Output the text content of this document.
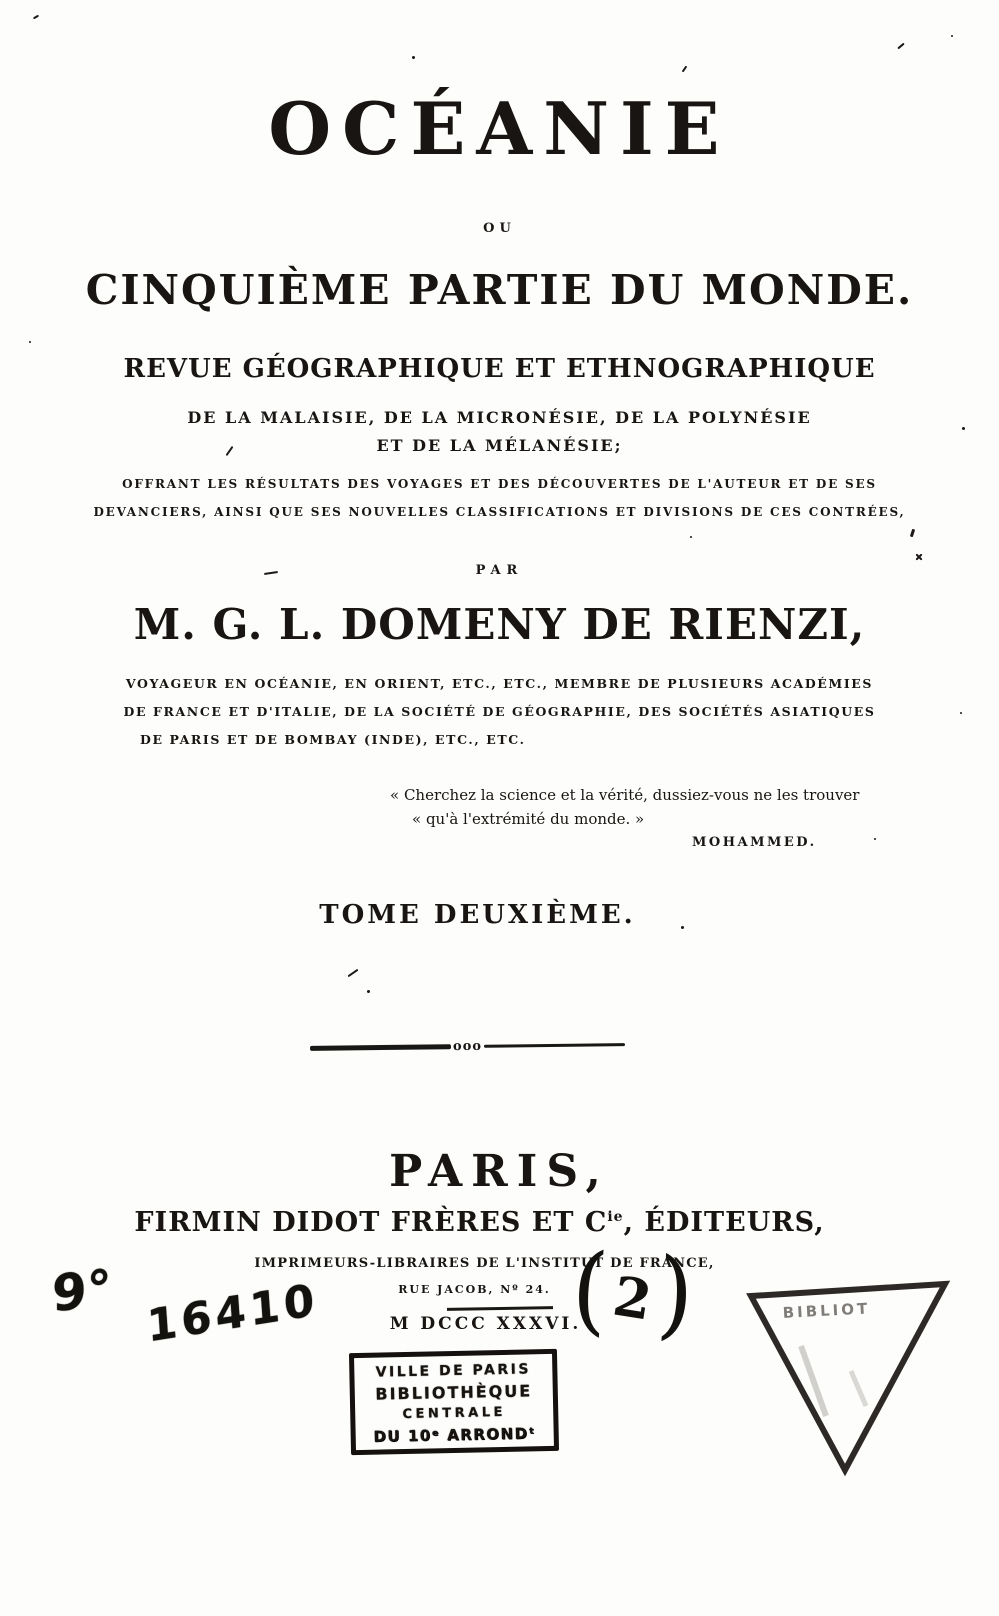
OCÉANIE
OU
CINQUIÈME PARTIE DU MONDE.
REVUE GÉOGRAPHIQUE ET ETHNOGRAPHIQUE
DE LA MALAISIE, DE LA MICRONÉSIE, DE LA POLYNÉSIE
ET DE LA MÉLANÉSIE;
OFFRANT LES RÉSULTATS DES VOYAGES ET DES DÉCOUVERTES DE L'AUTEUR ET DE SES
DEVANCIERS, AINSI QUE SES NOUVELLES CLASSIFICATIONS ET DIVISIONS DE CES CONTRÉES,
PAR
M. G. L. DOMENY DE RIENZI,
VOYAGEUR EN OCÉANIE, EN ORIENT, ETC., ETC., MEMBRE DE PLUSIEURS ACADÉMIES
DE FRANCE ET D'ITALIE, DE LA SOCIÉTÉ DE GÉOGRAPHIE, DES SOCIÉTÉS ASIATIQUES
DE PARIS ET DE BOMBAY (INDE), ETC., ETC.
« Cherchez la science et la vérité, dussiez-vous ne les trouver
« qu'à l'extrémité du monde. »
MOHAMMED.
TOME DEUXIÈME.
ooo
PARIS,
FIRMIN DIDOT FRÈRES ET $C^{ie}$, ÉDITEURS,
IMPRIMEURS-LIBRAIRES DE L'INSTITUT DE FRANCE,
RUE JACOB, Nº 24.
M DCCC XXXVI.
VILLE DE PARIS
BIBLIOTHÈQUE
CENTRALE
DU 10ᵉ ARRONDᵗ
BIBLIOT
9° 16410	(
2
)
